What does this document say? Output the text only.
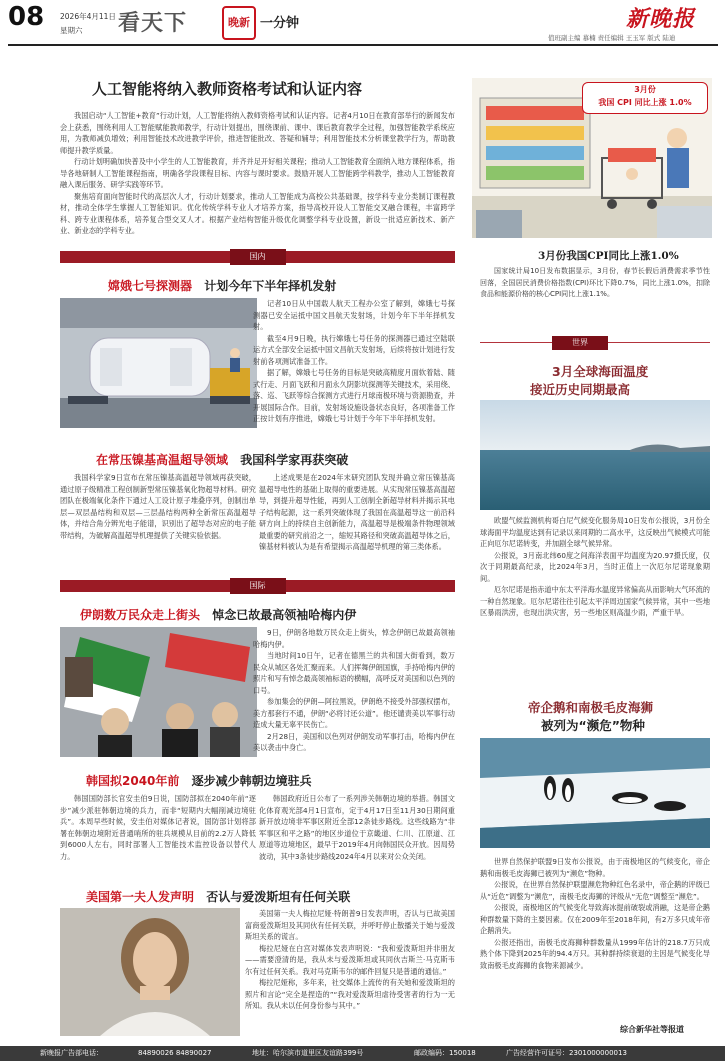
08 2026年4月11日
星期六 看天下	晚新 一分钟	新晚报
值班副主编 慕楠 责任编辑 王玉军 版式 陆迪
人工智能将纳入教师资格考试和认证内容

我国启动“人工智能+教育”行动计划，人工智能将纳入教师资格考试和认证内容。记者4月10日在教育部举行的新闻发布会上获悉，围绕利用人工智能赋能教师教学，行动计划提出，围绕课前、课中、课后教育教学全过程，加强智能教学系统应用，为教师减负增效；利用智能技术改进教学评价，推进智能批改、答疑和辅导；利用智能技术分析课堂教学行为，帮助教师提升教学质量。

行动计划明确加快普及中小学生的人工智能教育，并齐并足开好相关课程；推动人工智能教育全面纳入地方课程体系，指导各地研制人工智能课程指南，明确各学段课程目标、内容与课时要求。鼓励开展人工智能跨学科教学，推动人工智能教育融入课后服务、研学实践等环节。

聚焦培育面向智能时代的高层次人才，行动计划要求，推动人工智能成为高校公共基础课，按学科专业分类制订课程教材，推动全体学生掌握人工智能知识。优化传统学科专业人才培养方案，指导高校开设人工智能交叉融合课程，丰富跨学科、跨专业课程体系，培养复合型交叉人才。根据产业结构智能升级优化调整学科专业设置，新设一批适应新技术、新产业、新业态的学科专业。

3月份
我国 CPI 同比上涨 1.0%
3月份我国CPI同比上涨1.0%
国家统计局10日发布数据显示，3月份，春节长假后消费需求季节性回落，全国居民消费价格指数(CPI)环比下降0.7%，同比上涨1.0%，扣除食品和能源价格的核心CPI同比上涨1.1%。
国内
嫦娥七号探测器 计划今年下半年择机发射

记者10日从中国载人航天工程办公室了解到，嫦娥七号探测器已安全运抵中国文昌航天发射场，计划今年下半年择机发射。

截至4月9日晚，执行嫦娥七号任务的探测器已通过空陆联运方式全部安全运抵中国文昌航天发射场，后续将按计划进行发射前各项测试准备工作。

据了解，嫦娥七号任务的目标是突破高精度月面软着陆、随式行走、月面飞跃和月面永久阴影坑探测等关键技术，采用绕、落、巡、飞跃等综合探测方式进行月球南极环境与资源勘查，并开展国际合作。目前，发射场设施设备状态良好，各项准备工作正按计划有序推进，嫦娥七号计划于今年下半年择机发射。

在常压镍基高温超导领域 我国科学家再获突破

我国科学家9日宣布在常压镍基高温超导领域再获突破，通过原子级精准工程创制新型常压镍基氧化物超导材料。研究团队在极端氧化条件下通过人工设计原子堆叠序列，创制出单层—双层晶结构和双层—三层晶结构两种全新常压高温超导体，并结合角分辨光电子能谱，识别出了超导态对应的电子能带结构，为破解高温超导机理提供了关键实验依据。

上述成果是在2024年末研究团队发现并确立常压镍基高温超导电性的基础上取得的重要进展。从实现常压镍基高温超导，到提升超导性能，再到人工创制全新超导材料并揭示其电子结构起源，这一系列突破体现了我国在高温超导这一前沿科研方向上的持续自主创新能力，高温超导是极端条件物理领域最重要的研究前沿之一，缩短其路径和突破高温超导体之后，镍基材料被认为是有希望揭示高温超导机理的第三类体系。

世界
3月全球海面温度
接近历史同期最高

欧盟气候监测机构哥白尼气候变化服务局10日发布公报说，3月份全球海面平均温度达到有记录以来同期的二高水平，这反映出气候模式可能正向厄尔尼诺转变，并加剧全球气候异常。

公报说，3月南北纬60度之间海洋表面平均温度为20.97摄氏度，仅次于同期最高纪录，比2024年3月，当时正值上一次厄尔尼诺现象期间。

厄尔尼诺是指赤道中东太平洋海水温度异常偏高从而影响大气环流的一种自然现象。厄尔尼诺往往引起太平洋周边国家气候异常，其中一些地区暴雨洪涝，也现出洪灾害，另一些地区则高温少雨，严重干旱。

国际
伊朗数万民众走上街头 悼念已故最高领袖哈梅内伊

9日，伊朗各地数万民众走上街头，悼念伊朗已故最高领袖哈梅内伊。

当地时间10日午，记者在德黑兰的共和国大街看到，数万民众从城区各处汇聚而来。人们挥舞伊朗国旗，手持哈梅内伊的照片和写有悼念最高领袖标语的横幅，高呼反对美国和以色列的口号。

参加集会的伊朗—阿拉黑说，伊朗绝不接受外部强权摆布，美方那套行不通，伊朗“必将讨还公道”。他还谴责美以军事行动造成大量无辜平民伤亡。

2月28日，美国和以色列对伊朗发动军事打击，哈梅内伊在美以袭击中身亡。

韩国拟2040年前 逐步减少韩朝边境驻兵

韩国国防部长官安圭伯9日说，国防部拟在2040年前“逐步”减少派驻韩朝边境的兵力，而非“短期内大幅削减边境驻兵”。本周早些时候，安圭伯对媒体记者说，国防部计划将部署在韩朝边境附近普通哨所的驻兵规模从目前的2.2万人降低到6000人左右，同时部署人工智能技术监控设备以替代人力。

韩国政府近日公布了一系列涉关韩朝边境的举措。韩国文化体育观光部4月1日宣布，定于4月17日至11月30日期间重新开放边境非军事区附近全部12条徒步路线。这些线路为“非军事区和平之路”的地区步道位于京畿道、仁川、江原道、江原道等边境地区，最早于2019年4月向韩国民众开放。因局势波动，其中3条徒步路线2024年4月以来对公众关闭。

美国第一夫人发声明 否认与爱泼斯坦有任何关联

美国第一夫人梅拉尼娅·特朗普9日发表声明，否认与已故美国富商爱泼斯坦及其同伙有任何关联，并呼吁停止散播关于她与爱泼斯坦关系的谎言。

梅拉尼娅在白宫对媒体发表声明说：“我和爱泼斯坦并非朋友——需要澄清的是，我从未与爱泼斯坦或其同伙吉斯兰·马克斯韦尔有过任何关系。我对马克斯韦尔的邮件回复只是普通的通信。”

梅拉尼娅称，多年来，社交媒体上流传的有关她和爱泼斯坦的照片和言论“完全是捏造的”“我对爱泼斯坦虐待受害者的行为一无所知。我从未以任何身份参与其中。”

帝企鹅和南极毛皮海狮
被列为“濒危”物种

世界自然保护联盟9日发布公报说，由于南极地区的气候变化，帝企鹅和南极毛皮海狮已被列为“濒危”物种。

公报说，在世界自然保护联盟濒危物种红色名录中，帝企鹅的评级已从“近危”调整为“濒危”，南极毛皮海狮的评级从“无危”调整至“濒危”。

公报说，南极地区的气候变化导致海冰提前破裂或消融，这是帝企鹅种群数量下降的主要因素。仅在2009年至2018年间，有2万多只成年帝企鹅消失。

公报还指出，南极毛皮海狮种群数量从1999年估计的218.7万只成熟个体下降到2025年的94.4万只。其种群持续衰退的主因是气候变化导致南极毛皮海狮的食物来源减少。

综合新华社等报道
新晚报广告部电话：	84890026 84890027	地址：哈尔滨市道里区友谊路399号	邮政编码：150018	广告经营许可证号：2301000000013
